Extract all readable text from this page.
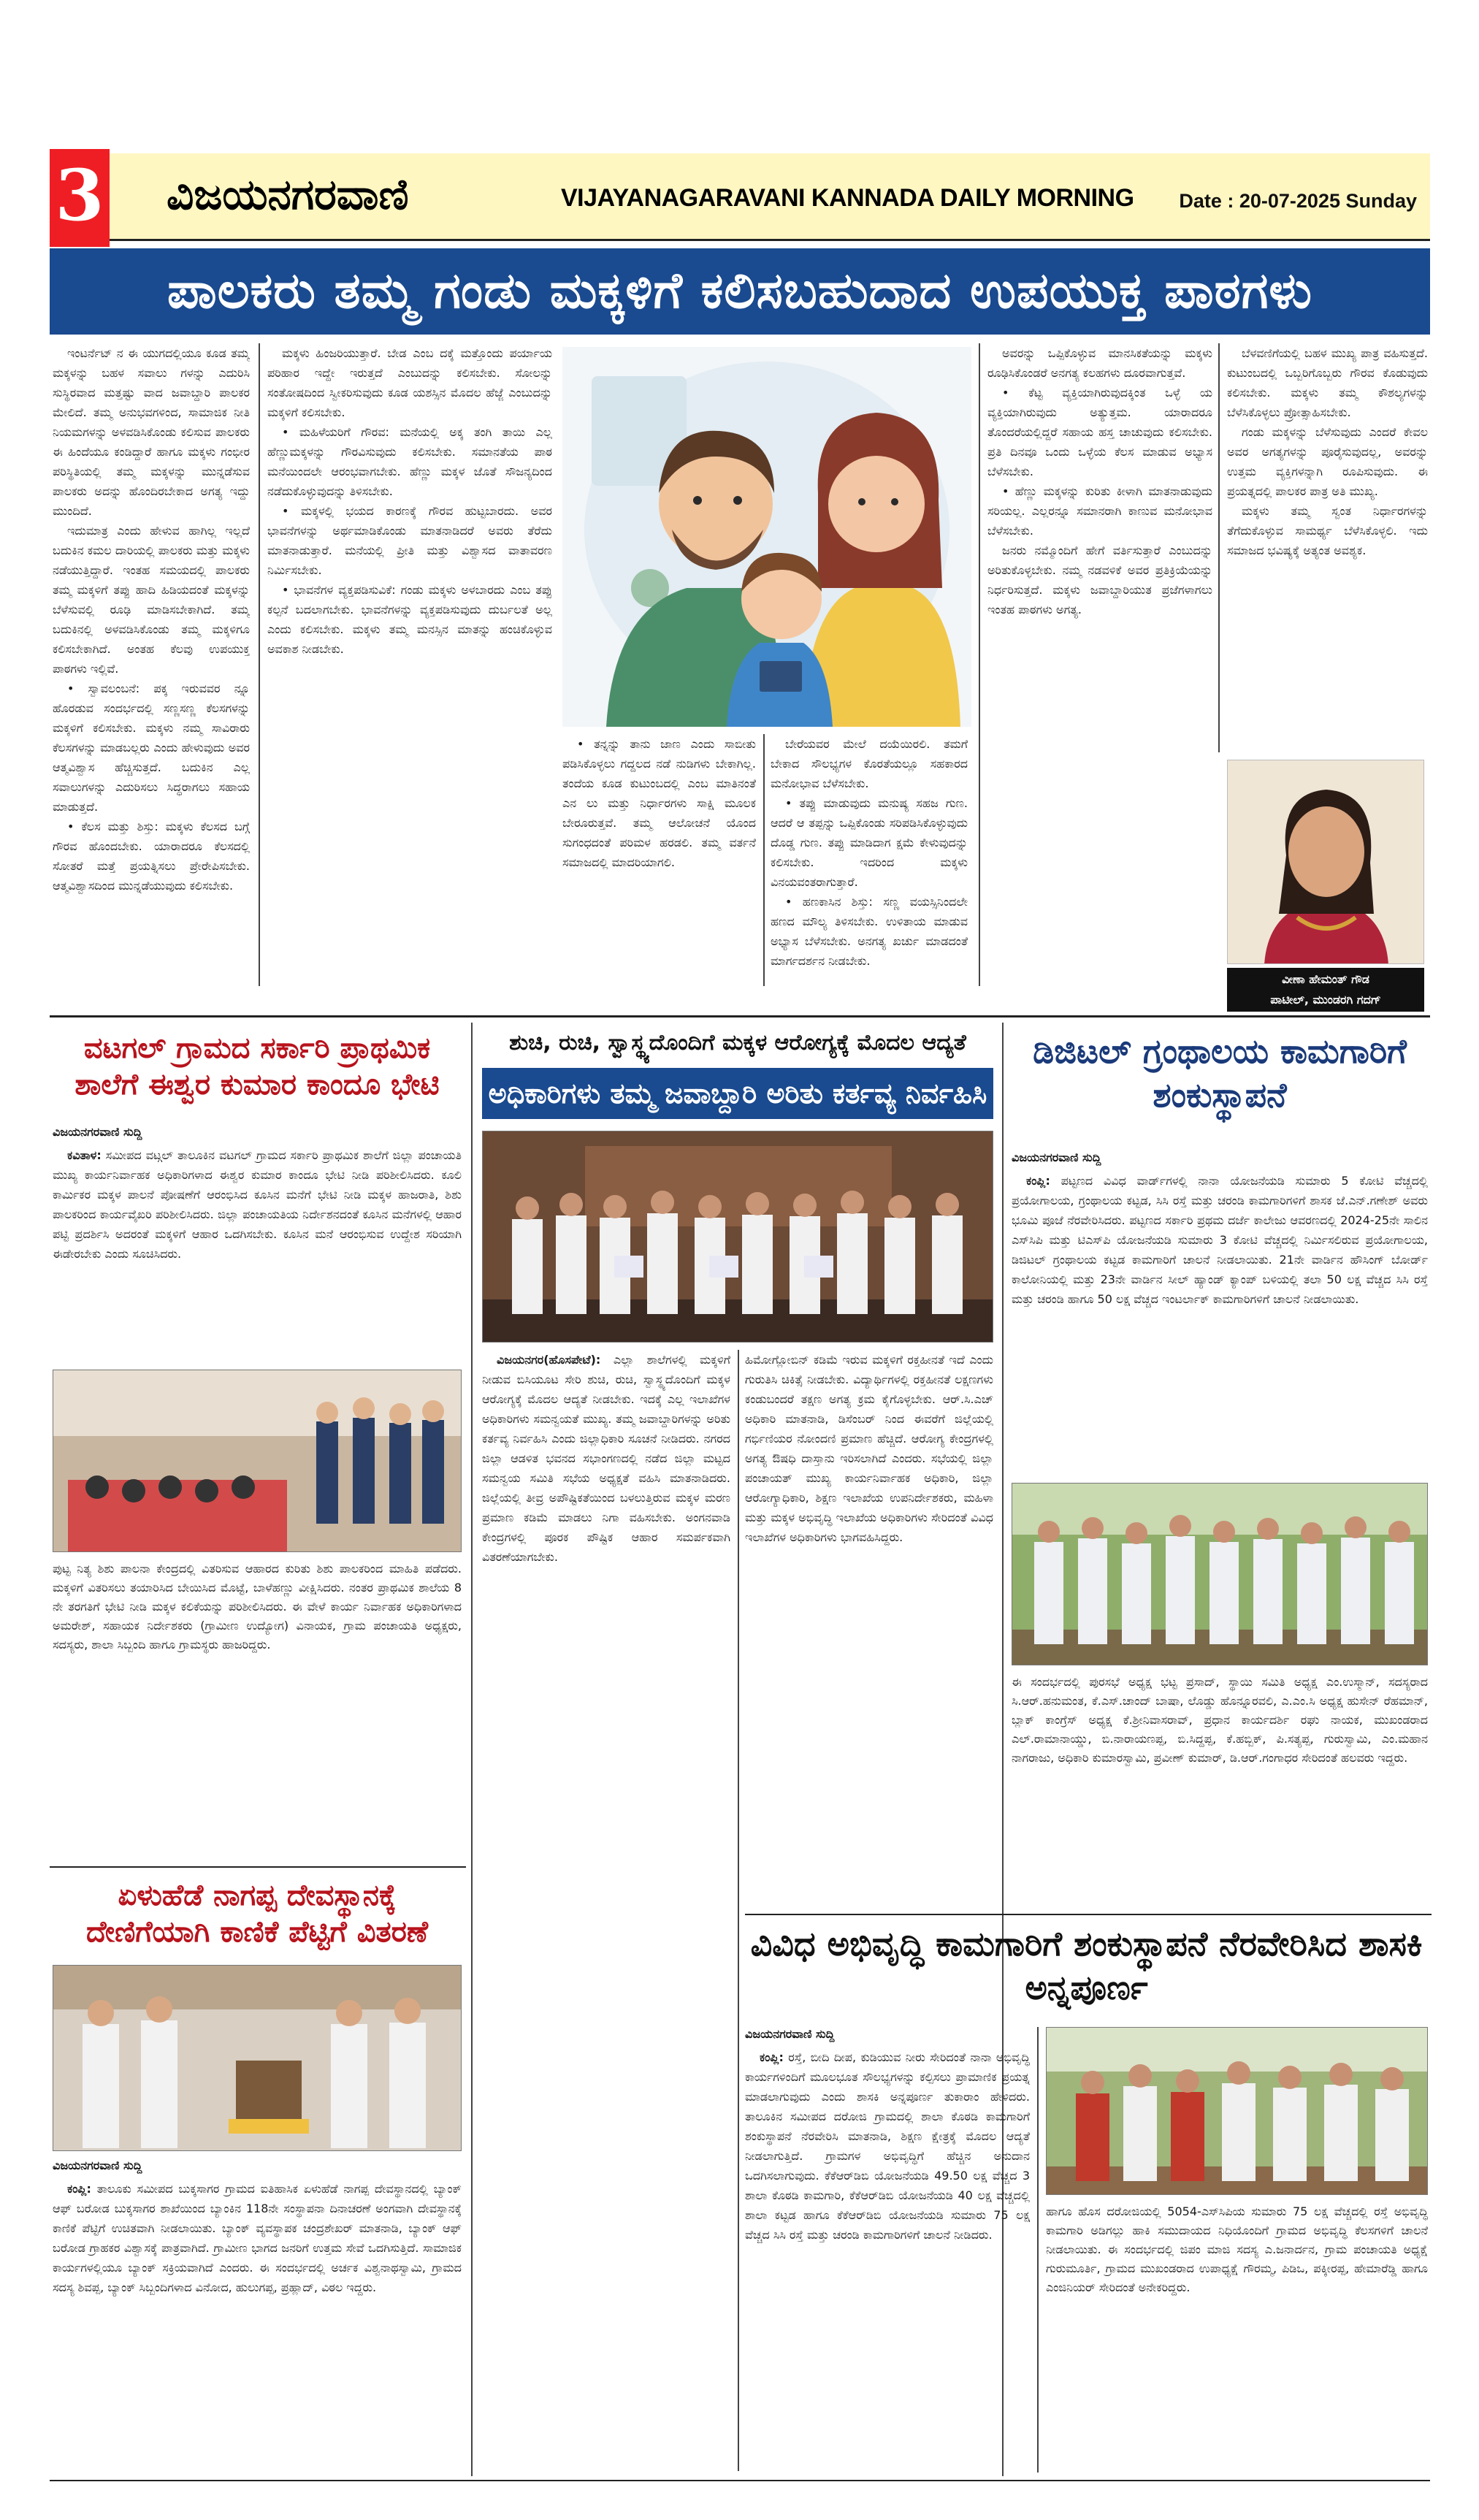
3 ವಿಜಯನಗರವಾಣಿ	VIJAYANAGARAVANI KANNADA DAILY MORNING Date : 20-07-2025 Sunday
ಪಾಲಕರು ತಮ್ಮ ಗಂಡು ಮಕ್ಕಳಿಗೆ ಕಲಿಸಬಹುದಾದ ಉಪಯುಕ್ತ ಪಾಠಗಳು

ಇಂಟರ್ನೆಟ್ ನ ಈ ಯುಗದಲ್ಲಿಯೂ ಕೂಡ ತಮ್ಮ ಮಕ್ಕಳನ್ನು ಬಹಳ ಸವಾಲು ಗಳನ್ನು ಎದುರಿಸಿ ಸುಸ್ಥಿರವಾದ ಮತ್ತಷ್ಟು ವಾದ ಜವಾಬ್ದಾರಿ ಪಾಲಕರ ಮೇಲಿದೆ. ತಮ್ಮ ಅನುಭವಗಳಿಂದ, ಸಾಮಾಜಿಕ ನೀತಿ ನಿಯಮಗಳನ್ನು ಅಳವಡಿಸಿಕೊಂಡು ಕಲಿಸುವ ಪಾಲಕರು ಈ ಹಿಂದೆಯೂ ಕಂಡಿದ್ದಾರೆ ಹಾಗೂ ಮಕ್ಕಳು ಗಂಭೀರ ಪರಿಸ್ಥಿತಿಯಲ್ಲಿ ತಮ್ಮ ಮಕ್ಕಳನ್ನು ಮುನ್ನಡೆಸುವ ಪಾಲಕರು ಅದನ್ನು ಹೊಂದಿರಬೇಕಾದ ಅಗತ್ಯ ಇದ್ದು ಮುಂದಿದೆ.

ಇದುಮಾತ್ರ ಎಂದು ಹೇಳುವ ಹಾಗಿಲ್ಲ ಇಲ್ಲದೆ ಬದುಕಿನ ಕಮಲ ದಾರಿಯಲ್ಲಿ ಪಾಲಕರು ಮತ್ತು ಮಕ್ಕಳು ನಡೆಯುತ್ತಿದ್ದಾರೆ. ಇಂತಹ ಸಮಯದಲ್ಲಿ ಪಾಲಕರು ತಮ್ಮ ಮಕ್ಕಳಿಗೆ ತಪ್ಪು ಹಾದಿ ಹಿಡಿಯದಂತೆ ಮಕ್ಕಳನ್ನು ಬೆಳೆಸುವಲ್ಲಿ ರೂಢಿ ಮಾಡಿಸಬೇಕಾಗಿದೆ. ತಮ್ಮ ಬದುಕಿನಲ್ಲಿ ಅಳವಡಿಸಿಕೊಂಡು ತಮ್ಮ ಮಕ್ಕಳಿಗೂ ಕಲಿಸಬೇಕಾಗಿದೆ. ಅಂತಹ ಕೆಲವು ಉಪಯುಕ್ತ ಪಾಠಗಳು ಇಲ್ಲಿವೆ.

• ಸ್ವಾವಲಂಬನೆ: ಪಕ್ಕ ಇರುವವರ ನ್ನೂ ಹೊರಡುವ ಸಂದರ್ಭದಲ್ಲಿ ಸಣ್ಣಸಣ್ಣ ಕೆಲಸಗಳನ್ನು ಮಕ್ಕಳಿಗೆ ಕಲಿಸಬೇಕು. ಮಕ್ಕಳು ನಮ್ಮ ಸಾವಿರಾರು ಕೆಲಸಗಳನ್ನು ಮಾಡಬಲ್ಲರು ಎಂದು ಹೇಳುವುದು ಅವರ ಆತ್ಮವಿಶ್ವಾಸ ಹೆಚ್ಚಿಸುತ್ತದೆ. ಬದುಕಿನ ಎಲ್ಲ ಸವಾಲುಗಳನ್ನು ಎದುರಿಸಲು ಸಿದ್ಧರಾಗಲು ಸಹಾಯ ಮಾಡುತ್ತದೆ.

• ಕೆಲಸ ಮತ್ತು ಶಿಸ್ತು: ಮಕ್ಕಳು ಕೆಲಸದ ಬಗ್ಗೆ ಗೌರವ ಹೊಂದಬೇಕು. ಯಾರಾದರೂ ಕೆಲಸದಲ್ಲಿ ಸೋತರೆ ಮತ್ತೆ ಪ್ರಯತ್ನಿಸಲು ಪ್ರೇರೇಪಿಸಬೇಕು. ಆತ್ಮವಿಶ್ವಾಸದಿಂದ ಮುನ್ನಡೆಯುವುದು ಕಲಿಸಬೇಕು.

ಮಕ್ಕಳು ಹಿಂಜರಿಯುತ್ತಾರೆ. ಬೇಡ ಎಂಬ ದಕ್ಕೆ ಮತ್ತೊಂದು ಪರ್ಯಾಯ ಪರಿಹಾರ ಇದ್ದೇ ಇರುತ್ತದೆ ಎಂಬುದನ್ನು ಕಲಿಸಬೇಕು. ಸೋಲನ್ನು ಸಂತೋಷದಿಂದ ಸ್ವೀಕರಿಸುವುದು ಕೂಡ ಯಶಸ್ಸಿನ ಮೊದಲ ಹೆಜ್ಜೆ ಎಂಬುದನ್ನು ಮಕ್ಕಳಿಗೆ ಕಲಿಸಬೇಕು.

• ಮಹಿಳೆಯರಿಗೆ ಗೌರವ: ಮನೆಯಲ್ಲಿ ಅಕ್ಕ ತಂಗಿ ತಾಯಿ ಎಲ್ಲ ಹೆಣ್ಣುಮಕ್ಕಳನ್ನು ಗೌರವಿಸುವುದು ಕಲಿಸಬೇಕು. ಸಮಾನತೆಯ ಪಾಠ ಮನೆಯಿಂದಲೇ ಆರಂಭವಾಗಬೇಕು. ಹೆಣ್ಣು ಮಕ್ಕಳ ಜೊತೆ ಸೌಜನ್ಯದಿಂದ ನಡೆದುಕೊಳ್ಳುವುದನ್ನು ತಿಳಿಸಬೇಕು.

• ಮಕ್ಕಳಲ್ಲಿ ಭಯದ ಕಾರಣಕ್ಕೆ ಗೌರವ ಹುಟ್ಟಬಾರದು. ಅವರ ಭಾವನೆಗಳನ್ನು ಅರ್ಥಮಾಡಿಕೊಂಡು ಮಾತನಾಡಿದರೆ ಅವರು ತೆರೆದು ಮಾತನಾಡುತ್ತಾರೆ. ಮನೆಯಲ್ಲಿ ಪ್ರೀತಿ ಮತ್ತು ವಿಶ್ವಾಸದ ವಾತಾವರಣ ನಿರ್ಮಿಸಬೇಕು.

• ಭಾವನೆಗಳ ವ್ಯಕ್ತಪಡಿಸುವಿಕೆ: ಗಂಡು ಮಕ್ಕಳು ಅಳಬಾರದು ಎಂಬ ತಪ್ಪು ಕಲ್ಪನೆ ಬದಲಾಗಬೇಕು. ಭಾವನೆಗಳನ್ನು ವ್ಯಕ್ತಪಡಿಸುವುದು ದುರ್ಬಲತೆ ಅಲ್ಲ ಎಂದು ಕಲಿಸಬೇಕು. ಮಕ್ಕಳು ತಮ್ಮ ಮನಸ್ಸಿನ ಮಾತನ್ನು ಹಂಚಿಕೊಳ್ಳುವ ಅವಕಾಶ ನೀಡಬೇಕು.

• ತನ್ನನ್ನು ತಾನು ಜಾಣ ಎಂದು ಸಾಬೀತು ಪಡಿಸಿಕೊಳ್ಳಲು ಗದ್ದಲದ ನಡೆ ನುಡಿಗಳು ಬೇಕಾಗಿಲ್ಲ. ತಂದೆಯ ಕೂಡ ಕುಟುಂಬದಲ್ಲಿ ಎಂಬ ಮಾತಿನಂತೆ ಎನ ಲು ಮತ್ತು ನಿರ್ಧಾರಗಳು ಸಾಕ್ಷಿ ಮೂಲಕ ಬೇರೂರುತ್ತವೆ. ತಮ್ಮ ಆಲೋಚನೆ ಯೊಂದ ಸುಗಂಧದಂತೆ ಪರಿಮಳ ಹರಡಲಿ. ತಮ್ಮ ವರ್ತನೆ ಸಮಾಜದಲ್ಲಿ ಮಾದರಿಯಾಗಲಿ.

ಬೇರೆಯವರ ಮೇಲೆ ದಯೆಯಿರಲಿ. ತಮಗೆ ಬೇಕಾದ ಸೌಲಭ್ಯಗಳ ಕೊರತೆಯಲ್ಲೂ ಸಹಕಾರದ ಮನೋಭಾವ ಬೆಳೆಸಬೇಕು.

• ತಪ್ಪು ಮಾಡುವುದು ಮನುಷ್ಯ ಸಹಜ ಗುಣ. ಆದರೆ ಆ ತಪ್ಪನ್ನು ಒಪ್ಪಿಕೊಂಡು ಸರಿಪಡಿಸಿಕೊಳ್ಳುವುದು ದೊಡ್ಡ ಗುಣ. ತಪ್ಪು ಮಾಡಿದಾಗ ಕ್ಷಮೆ ಕೇಳುವುದನ್ನು ಕಲಿಸಬೇಕು. ಇದರಿಂದ ಮಕ್ಕಳು ವಿನಯವಂತರಾಗುತ್ತಾರೆ.

• ಹಣಕಾಸಿನ ಶಿಸ್ತು: ಸಣ್ಣ ವಯಸ್ಸಿನಿಂದಲೇ ಹಣದ ಮೌಲ್ಯ ತಿಳಿಸಬೇಕು. ಉಳಿತಾಯ ಮಾಡುವ ಅಭ್ಯಾಸ ಬೆಳೆಸಬೇಕು. ಅನಗತ್ಯ ಖರ್ಚು ಮಾಡದಂತೆ ಮಾರ್ಗದರ್ಶನ ನೀಡಬೇಕು.

ಅವರನ್ನು ಒಪ್ಪಿಕೊಳ್ಳುವ ಮಾನಸಿಕತೆಯನ್ನು ಮಕ್ಕಳು ರೂಢಿಸಿಕೊಂಡರೆ ಅನಗತ್ಯ ಕಲಹಗಳು ದೂರವಾಗುತ್ತವೆ.

• ಕೆಟ್ಟ ವ್ಯಕ್ತಿಯಾಗಿರುವುದಕ್ಕಿಂತ ಒಳ್ಳೆ ಯ ವ್ಯಕ್ತಿಯಾಗಿರುವುದು ಅತ್ಯುತ್ತಮ. ಯಾರಾದರೂ ತೊಂದರೆಯಲ್ಲಿದ್ದರೆ ಸಹಾಯ ಹಸ್ತ ಚಾಚುವುದು ಕಲಿಸಬೇಕು. ಪ್ರತಿ ದಿನವೂ ಒಂದು ಒಳ್ಳೆಯ ಕೆಲಸ ಮಾಡುವ ಅಭ್ಯಾಸ ಬೆಳೆಸಬೇಕು.

• ಹೆಣ್ಣು ಮಕ್ಕಳನ್ನು ಕುರಿತು ಕೀಳಾಗಿ ಮಾತನಾಡುವುದು ಸರಿಯಲ್ಲ. ಎಲ್ಲರನ್ನೂ ಸಮಾನರಾಗಿ ಕಾಣುವ ಮನೋಭಾವ ಬೆಳೆಸಬೇಕು.

ಜನರು ನಮ್ಮೊಂದಿಗೆ ಹೇಗೆ ವರ್ತಿಸುತ್ತಾರೆ ಎಂಬುದನ್ನು ಅರಿತುಕೊಳ್ಳಬೇಕು. ನಮ್ಮ ನಡವಳಿಕೆ ಅವರ ಪ್ರತಿಕ್ರಿಯೆಯನ್ನು ನಿರ್ಧರಿಸುತ್ತದೆ. ಮಕ್ಕಳು ಜವಾಬ್ದಾರಿಯುತ ಪ್ರಜೆಗಳಾಗಲು ಇಂತಹ ಪಾಠಗಳು ಅಗತ್ಯ.

ಬೆಳವಣಿಗೆಯಲ್ಲಿ ಬಹಳ ಮುಖ್ಯ ಪಾತ್ರ ವಹಿಸುತ್ತದೆ. ಕುಟುಂಬದಲ್ಲಿ ಒಬ್ಬರಿಗೊಬ್ಬರು ಗೌರವ ಕೊಡುವುದು ಕಲಿಸಬೇಕು. ಮಕ್ಕಳು ತಮ್ಮ ಕೌಶಲ್ಯಗಳನ್ನು ಬೆಳೆಸಿಕೊಳ್ಳಲು ಪ್ರೋತ್ಸಾಹಿಸಬೇಕು.

ಗಂಡು ಮಕ್ಕಳನ್ನು ಬೆಳೆಸುವುದು ಎಂದರೆ ಕೇವಲ ಅವರ ಅಗತ್ಯಗಳನ್ನು ಪೂರೈಸುವುದಲ್ಲ, ಅವರನ್ನು ಉತ್ತಮ ವ್ಯಕ್ತಿಗಳನ್ನಾಗಿ ರೂಪಿಸುವುದು. ಈ ಪ್ರಯತ್ನದಲ್ಲಿ ಪಾಲಕರ ಪಾತ್ರ ಅತಿ ಮುಖ್ಯ.

ಮಕ್ಕಳು ತಮ್ಮ ಸ್ವಂತ ನಿರ್ಧಾರಗಳನ್ನು ತೆಗೆದುಕೊಳ್ಳುವ ಸಾಮರ್ಥ್ಯ ಬೆಳೆಸಿಕೊಳ್ಳಲಿ. ಇದು ಸಮಾಜದ ಭವಿಷ್ಯಕ್ಕೆ ಅತ್ಯಂತ ಅವಶ್ಯಕ.

ವೀಣಾ ಹೇಮಂತ್ ಗೌಡ
ಪಾಟೀಲ್, ಮುಂಡರಗಿ ಗದಗ್
ವಟಗಲ್ ಗ್ರಾಮದ ಸರ್ಕಾರಿ ಪ್ರಾಥಮಿಕ ಶಾಲೆಗೆ ಈಶ್ವರ ಕುಮಾರ ಕಾಂದೂ ಭೇಟಿ
ವಿಜಯನಗರವಾಣಿ ಸುದ್ದಿ

ಕವಿತಾಳ: ಸಮೀಪದ ವಟ್ಗಲ್ ತಾಲೂಕಿನ ವಟಗಲ್ ಗ್ರಾಮದ ಸರ್ಕಾರಿ ಪ್ರಾಥಮಿಕ ಶಾಲೆಗೆ ಜಿಲ್ಲಾ ಪಂಚಾಯತಿ ಮುಖ್ಯ ಕಾರ್ಯನಿರ್ವಾಹಕ ಅಧಿಕಾರಿಗಳಾದ ಈಶ್ವರ ಕುಮಾರ ಕಾಂದೂ ಭೇಟಿ ನೀಡಿ ಪರಿಶೀಲಿಸಿದರು. ಕೂಲಿ ಕಾರ್ಮಿಕರ ಮಕ್ಕಳ ಪಾಲನೆ ಪೋಷಣೆಗೆ ಆರಂಭಿಸಿದ ಕೂಸಿನ ಮನೆಗೆ ಭೇಟಿ ನೀಡಿ ಮಕ್ಕಳ ಹಾಜರಾತಿ, ಶಿಶು ಪಾಲಕರಿಂದ ಕಾರ್ಯವೈಖರಿ ಪರಿಶೀಲಿಸಿದರು. ಜಿಲ್ಲಾ ಪಂಚಾಯತಿಯ ನಿರ್ದೇಶನದಂತೆ ಕೂಸಿನ ಮನೆಗಳಲ್ಲಿ ಆಹಾರ ಪಟ್ಟಿ ಪ್ರದರ್ಶಿಸಿ ಅದರಂತೆ ಮಕ್ಕಳಿಗೆ ಆಹಾರ ಒದಗಿಸಬೇಕು. ಕೂಸಿನ ಮನೆ ಆರಂಭಿಸುವ ಉದ್ದೇಶ ಸರಿಯಾಗಿ ಈಡೇರಬೇಕು ಎಂದು ಸೂಚಿಸಿದರು.

ಪುಟ್ಟ ನಿತ್ಯ ಶಿಶು ಪಾಲನಾ ಕೇಂದ್ರದಲ್ಲಿ ವಿತರಿಸುವ ಆಹಾರದ ಕುರಿತು ಶಿಶು ಪಾಲಕರಿಂದ ಮಾಹಿತಿ ಪಡೆದರು. ಮಕ್ಕಳಿಗೆ ವಿತರಿಸಲು ತಯಾರಿಸಿದ ಬೇಯಿಸಿದ ಮೊಟ್ಟೆ, ಬಾಳೆಹಣ್ಣು ವೀಕ್ಷಿಸಿದರು. ನಂತರ ಪ್ರಾಥಮಿಕ ಶಾಲೆಯ 8 ನೇ ತರಗತಿಗೆ ಭೇಟಿ ನೀಡಿ ಮಕ್ಕಳ ಕಲಿಕೆಯನ್ನು ಪರಿಶೀಲಿಸಿದರು. ಈ ವೇಳೆ ಕಾರ್ಯ ನಿರ್ವಾಹಕ ಅಧಿಕಾರಿಗಳಾದ ಅಮರೇಶ್, ಸಹಾಯಕ ನಿರ್ದೇಶಕರು (ಗ್ರಾಮೀಣ ಉದ್ಯೋಗ) ವಿನಾಯಕ, ಗ್ರಾಮ ಪಂಚಾಯತಿ ಅಧ್ಯಕ್ಷರು, ಸದಸ್ಯರು, ಶಾಲಾ ಸಿಬ್ಬಂದಿ ಹಾಗೂ ಗ್ರಾಮಸ್ಥರು ಹಾಜರಿದ್ದರು.
ಏಳುಹೆಡೆ ನಾಗಪ್ಪ ದೇವಸ್ಥಾನಕ್ಕೆ ದೇಣಿಗೆಯಾಗಿ ಕಾಣಿಕೆ ಪೆಟ್ಟಿಗೆ ವಿತರಣೆ
ವಿಜಯನಗರವಾಣಿ ಸುದ್ದಿ

ಕಂಪ್ಲಿ: ತಾಲೂಕು ಸಮೀಪದ ಬುಕ್ಕಸಾಗರ ಗ್ರಾಮದ ಐತಿಹಾಸಿಕ ಏಳುಹೆಡೆ ನಾಗಪ್ಪ ದೇವಸ್ಥಾನದಲ್ಲಿ ಬ್ಯಾಂಕ್ ಆಫ್ ಬರೋಡ ಬುಕ್ಕಸಾಗರ ಶಾಖೆಯಿಂದ ಬ್ಯಾಂಕಿನ 118ನೇ ಸಂಸ್ಥಾಪನಾ ದಿನಾಚರಣೆ ಅಂಗವಾಗಿ ದೇವಸ್ಥಾನಕ್ಕೆ ಕಾಣಿಕೆ ಪೆಟ್ಟಿಗೆ ಉಚಿತವಾಗಿ ನೀಡಲಾಯಿತು. ಬ್ಯಾಂಕ್ ವ್ಯವಸ್ಥಾಪಕ ಚಂದ್ರಶೇಖರ್ ಮಾತನಾಡಿ, ಬ್ಯಾಂಕ್ ಆಫ್ ಬರೋಡ ಗ್ರಾಹಕರ ವಿಶ್ವಾಸಕ್ಕೆ ಪಾತ್ರವಾಗಿದೆ. ಗ್ರಾಮೀಣ ಭಾಗದ ಜನರಿಗೆ ಉತ್ತಮ ಸೇವೆ ಒದಗಿಸುತ್ತಿದೆ. ಸಾಮಾಜಿಕ ಕಾರ್ಯಗಳಲ್ಲಿಯೂ ಬ್ಯಾಂಕ್ ಸಕ್ರಿಯವಾಗಿದೆ ಎಂದರು. ಈ ಸಂದರ್ಭದಲ್ಲಿ ಅರ್ಚಕ ವಿಶ್ವನಾಥಸ್ವಾಮಿ, ಗ್ರಾಮದ ಸದಸ್ಯ ಶಿವಪ್ಪ, ಬ್ಯಾಂಕ್ ಸಿಬ್ಬಂದಿಗಳಾದ ವಿನೋದ, ಹುಲುಗಪ್ಪ, ಪ್ರಹ್ಲಾದ್, ವಿಠಲ ಇದ್ದರು.

ಶುಚಿ, ರುಚಿ, ಸ್ವಾಸ್ಥ್ಯದೊಂದಿಗೆ ಮಕ್ಕಳ ಆರೋಗ್ಯಕ್ಕೆ ಮೊದಲ ಆದ್ಯತೆ
ಅಧಿಕಾರಿಗಳು ತಮ್ಮ ಜವಾಬ್ದಾರಿ ಅರಿತು ಕರ್ತವ್ಯ ನಿರ್ವಹಿಸಿ

ವಿಜಯನಗರ(ಹೊಸಪೇಟೆ): ಎಲ್ಲಾ ಶಾಲೆಗಳಲ್ಲಿ ಮಕ್ಕಳಿಗೆ ನೀಡುವ ಬಿಸಿಯೂಟ ಸೇರಿ ಶುಚಿ, ರುಚಿ, ಸ್ವಾಸ್ಥ್ಯದೊಂದಿಗೆ ಮಕ್ಕಳ ಆರೋಗ್ಯಕ್ಕೆ ಮೊದಲ ಆದ್ಯತೆ ನೀಡಬೇಕು. ಇದಕ್ಕೆ ಎಲ್ಲ ಇಲಾಖೆಗಳ ಅಧಿಕಾರಿಗಳು ಸಮನ್ವಯತೆ ಮುಖ್ಯ. ತಮ್ಮ ಜವಾಬ್ದಾರಿಗಳನ್ನು ಅರಿತು ಕರ್ತವ್ಯ ನಿರ್ವಹಿಸಿ ಎಂದು ಜಿಲ್ಲಾಧಿಕಾರಿ ಸೂಚನೆ ನೀಡಿದರು. ನಗರದ ಜಿಲ್ಲಾ ಆಡಳಿತ ಭವನದ ಸಭಾಂಗಣದಲ್ಲಿ ನಡೆದ ಜಿಲ್ಲಾ ಮಟ್ಟದ ಸಮನ್ವಯ ಸಮಿತಿ ಸಭೆಯ ಅಧ್ಯಕ್ಷತೆ ವಹಿಸಿ ಮಾತನಾಡಿದರು. ಜಿಲ್ಲೆಯಲ್ಲಿ ತೀವ್ರ ಅಪೌಷ್ಟಿಕತೆಯಿಂದ ಬಳಲುತ್ತಿರುವ ಮಕ್ಕಳ ಮರಣ ಪ್ರಮಾಣ ಕಡಿಮೆ ಮಾಡಲು ನಿಗಾ ವಹಿಸಬೇಕು. ಅಂಗನವಾಡಿ ಕೇಂದ್ರಗಳಲ್ಲಿ ಪೂರಕ ಪೌಷ್ಟಿಕ ಆಹಾರ ಸಮರ್ಪಕವಾಗಿ ವಿತರಣೆಯಾಗಬೇಕು.

ಹಿಮೋಗ್ಲೋಬಿನ್ ಕಡಿಮೆ ಇರುವ ಮಕ್ಕಳಿಗೆ ರಕ್ತಹೀನತೆ ಇದೆ ಎಂದು ಗುರುತಿಸಿ ಚಿಕಿತ್ಸೆ ನೀಡಬೇಕು. ವಿದ್ಯಾರ್ಥಿಗಳಲ್ಲಿ ರಕ್ತಹೀನತೆ ಲಕ್ಷಣಗಳು ಕಂಡುಬಂದರೆ ತಕ್ಷಣ ಅಗತ್ಯ ಕ್ರಮ ಕೈಗೊಳ್ಳಬೇಕು. ಆರ್.ಸಿ.ಎಚ್ ಅಧಿಕಾರಿ ಮಾತನಾಡಿ, ಡಿಸೆಂಬರ್ ನಿಂದ ಈವರೆಗೆ ಜಿಲ್ಲೆಯಲ್ಲಿ ಗರ್ಭಿಣಿಯರ ನೋಂದಣಿ ಪ್ರಮಾಣ ಹೆಚ್ಚಿದೆ. ಆರೋಗ್ಯ ಕೇಂದ್ರಗಳಲ್ಲಿ ಅಗತ್ಯ ಔಷಧಿ ದಾಸ್ತಾನು ಇರಿಸಲಾಗಿದೆ ಎಂದರು. ಸಭೆಯಲ್ಲಿ ಜಿಲ್ಲಾ ಪಂಚಾಯತ್ ಮುಖ್ಯ ಕಾರ್ಯನಿರ್ವಾಹಕ ಅಧಿಕಾರಿ, ಜಿಲ್ಲಾ ಆರೋಗ್ಯಾಧಿಕಾರಿ, ಶಿಕ್ಷಣ ಇಲಾಖೆಯ ಉಪನಿರ್ದೇಶಕರು, ಮಹಿಳಾ ಮತ್ತು ಮಕ್ಕಳ ಅಭಿವೃದ್ಧಿ ಇಲಾಖೆಯ ಅಧಿಕಾರಿಗಳು ಸೇರಿದಂತೆ ವಿವಿಧ ಇಲಾಖೆಗಳ ಅಧಿಕಾರಿಗಳು ಭಾಗವಹಿಸಿದ್ದರು.
ಡಿಜಿಟಲ್ ಗ್ರಂಥಾಲಯ ಕಾಮಗಾರಿಗೆ ಶಂಕುಸ್ಥಾಪನೆ
ವಿಜಯನಗರವಾಣಿ ಸುದ್ದಿ

ಕಂಪ್ಲಿ: ಪಟ್ಟಣದ ವಿವಿಧ ವಾರ್ಡ್‌ಗಳಲ್ಲಿ ನಾನಾ ಯೋಜನೆಯಡಿ ಸುಮಾರು 5 ಕೋಟಿ ವೆಚ್ಚದಲ್ಲಿ ಪ್ರಯೋಗಾಲಯ, ಗ್ರಂಥಾಲಯ ಕಟ್ಟಡ, ಸಿಸಿ ರಸ್ತೆ ಮತ್ತು ಚರಂಡಿ ಕಾಮಗಾರಿಗಳಿಗೆ ಶಾಸಕ ಜೆ.ಎನ್.ಗಣೇಶ್ ಅವರು ಭೂಮಿ ಪೂಜೆ ನೆರವೇರಿಸಿದರು. ಪಟ್ಟಣದ ಸರ್ಕಾರಿ ಪ್ರಥಮ ದರ್ಜೆ ಕಾಲೇಜು ಆವರಣದಲ್ಲಿ 2024-25ನೇ ಸಾಲಿನ ಎಸ್‌ಸಿಪಿ ಮತ್ತು ಟಿಎಸ್‌ಪಿ ಯೋಜನೆಯಡಿ ಸುಮಾರು 3 ಕೋಟಿ ವೆಚ್ಚದಲ್ಲಿ ನಿರ್ಮಿಸಲಿರುವ ಪ್ರಯೋಗಾಲಯ, ಡಿಜಿಟಲ್ ಗ್ರಂಥಾಲಯ ಕಟ್ಟಡ ಕಾಮಗಾರಿಗೆ ಚಾಲನೆ ನೀಡಲಾಯಿತು. 21ನೇ ವಾರ್ಡಿನ ಹೌಸಿಂಗ್ ಬೋರ್ಡ್ ಕಾಲೋನಿಯಲ್ಲಿ ಮತ್ತು 23ನೇ ವಾರ್ಡಿನ ಸೀಲ್ ಹ್ಯಾಂಡ್ ಕ್ಯಾಂಪ್ ಬಳಿಯಲ್ಲಿ ತಲಾ 50 ಲಕ್ಷ ವೆಚ್ಚದ ಸಿಸಿ ರಸ್ತೆ ಮತ್ತು ಚರಂಡಿ ಹಾಗೂ 50 ಲಕ್ಷ ವೆಚ್ಚದ ಇಂಟರ್ಲಾಕ್ ಕಾಮಗಾರಿಗಳಿಗೆ ಚಾಲನೆ ನೀಡಲಾಯಿತು.

ಈ ಸಂದರ್ಭದಲ್ಲಿ ಪುರಸಭೆ ಅಧ್ಯಕ್ಷ ಭಟ್ಟ ಪ್ರಸಾದ್, ಸ್ಥಾಯಿ ಸಮಿತಿ ಅಧ್ಯಕ್ಷ ಎಂ.ಉಸ್ಮಾನ್, ಸದಸ್ಯರಾದ ಸಿ.ಆರ್.ಹನುಮಂತ, ಕೆ.ಎಸ್.ಚಾಂದ್ ಬಾಷಾ, ಲೊಡ್ಡು ಹೊನ್ನೂರವಲಿ, ಎ.ಎಂ.ಸಿ ಅಧ್ಯಕ್ಷ ಹುಸೇನ್ ರೆಹಮಾನ್, ಬ್ಲಾಕ್ ಕಾಂಗ್ರೆಸ್ ಅಧ್ಯಕ್ಷ ಕೆ.ಶ್ರೀನಿವಾಸರಾವ್, ಪ್ರಧಾನ ಕಾರ್ಯದರ್ಶಿ ರಘು ನಾಯಕ, ಮುಖಂಡರಾದ ಎಲ್.ರಾಮಾನಾಯ್ಡು, ಬಿ.ನಾರಾಯಣಪ್ಪ, ಬಿ.ಸಿದ್ದಪ್ಪ, ಕೆ.ಹಬ್ಬಿಕ್, ಪಿ.ಸತ್ಯಪ್ಪ, ಗುರುಸ್ವಾಮಿ, ಎಂ.ಮಹಾನ ನಾಗರಾಜು, ಅಧಿಕಾರಿ ಕುಮಾರಸ್ವಾಮಿ, ಪ್ರವೀಣ್ ಕುಮಾರ್, ಡಿ.ಆರ್.ಗಂಗಾಧರ ಸೇರಿದಂತೆ ಹಲವರು ಇದ್ದರು.
ವಿವಿಧ ಅಭಿವೃದ್ಧಿ ಕಾಮಗಾರಿಗೆ ಶಂಕುಸ್ಥಾಪನೆ ನೆರವೇರಿಸಿದ ಶಾಸಕಿ ಅನ್ನಪೂರ್ಣ
ವಿಜಯನಗರವಾಣಿ ಸುದ್ದಿ

ಕಂಪ್ಲಿ: ರಸ್ತೆ, ಬೀದಿ ದೀಪ, ಕುಡಿಯುವ ನೀರು ಸೇರಿದಂತೆ ನಾನಾ ಅಭಿವೃದ್ಧಿ ಕಾರ್ಯಗಳಿಂದಿಗೆ ಮೂಲಭೂತ ಸೌಲಭ್ಯಗಳನ್ನು ಕಲ್ಪಿಸಲು ಪ್ರಾಮಾಣಿಕ ಪ್ರಯತ್ನ ಮಾಡಲಾಗುವುದು ಎಂದು ಶಾಸಕಿ ಅನ್ನಪೂರ್ಣ ತುಕಾರಾಂ ಹೇಳಿದರು. ತಾಲೂಕಿನ ಸಮೀಪದ ದರೋಜಿ ಗ್ರಾಮದಲ್ಲಿ ಶಾಲಾ ಕೊಠಡಿ ಕಾಮಗಾರಿಗೆ ಶಂಕುಸ್ಥಾಪನೆ ನೆರವೇರಿಸಿ ಮಾತನಾಡಿ, ಶಿಕ್ಷಣ ಕ್ಷೇತ್ರಕ್ಕೆ ಮೊದಲ ಆದ್ಯತೆ ನೀಡಲಾಗುತ್ತಿದೆ. ಗ್ರಾಮಗಳ ಅಭಿವೃದ್ಧಿಗೆ ಹೆಚ್ಚಿನ ಅನುದಾನ ಒದಗಿಸಲಾಗುವುದು. ಕೆಕೆಆರ್‌ಡಿಬಿ ಯೋಜನೆಯಡಿ 49.50 ಲಕ್ಷ ವೆಚ್ಚದ 3 ಶಾಲಾ ಕೊಠಡಿ ಕಾಮಗಾರಿ, ಕೆಕೆಆರ್‌ಡಿಬಿ ಯೋಜನೆಯಡಿ 40 ಲಕ್ಷ ವೆಚ್ಚದಲ್ಲಿ ಶಾಲಾ ಕಟ್ಟಡ ಹಾಗೂ ಕೆಕೆಆರ್‌ಡಿಬಿ ಯೋಜನೆಯಡಿ ಸುಮಾರು 75 ಲಕ್ಷ ವೆಚ್ಚದ ಸಿಸಿ ರಸ್ತೆ ಮತ್ತು ಚರಂಡಿ ಕಾಮಗಾರಿಗಳಿಗೆ ಚಾಲನೆ ನೀಡಿದರು.

ಹಾಗೂ ಹೊಸ ದರೋಜಿಯಲ್ಲಿ 5054-ಎಸ್‌ಸಿಪಿಯ ಸುಮಾರು 75 ಲಕ್ಷ ವೆಚ್ಚದಲ್ಲಿ ರಸ್ತೆ ಅಭಿವೃದ್ಧಿ ಕಾಮಗಾರಿ ಅಡಿಗಲ್ಲು ಹಾಕಿ ಸಮುದಾಯದ ನಿಧಿಯೊಂದಿಗೆ ಗ್ರಾಮದ ಅಭಿವೃದ್ಧಿ ಕೆಲಸಗಳಿಗೆ ಚಾಲನೆ ನೀಡಲಾಯಿತು. ಈ ಸಂದರ್ಭದಲ್ಲಿ ಜಿಪಂ ಮಾಜಿ ಸದಸ್ಯ ಎ.ಜನಾರ್ದನ, ಗ್ರಾಮ ಪಂಚಾಯತಿ ಅಧ್ಯಕ್ಷೆ ಗುರುಮೂರ್ತಿ, ಗ್ರಾಮದ ಮುಖಂಡರಾದ ಉಪಾಧ್ಯಕ್ಷೆ ಗೌರಮ್ಮ, ಪಿಡಿಒ, ಪಕ್ಕೀರಪ್ಪ, ಹೇಮಾರೆಡ್ಡಿ ಹಾಗೂ ಎಂಜಿನಿಯರ್ ಸೇರಿದಂತೆ ಅನೇಕರಿದ್ದರು.
